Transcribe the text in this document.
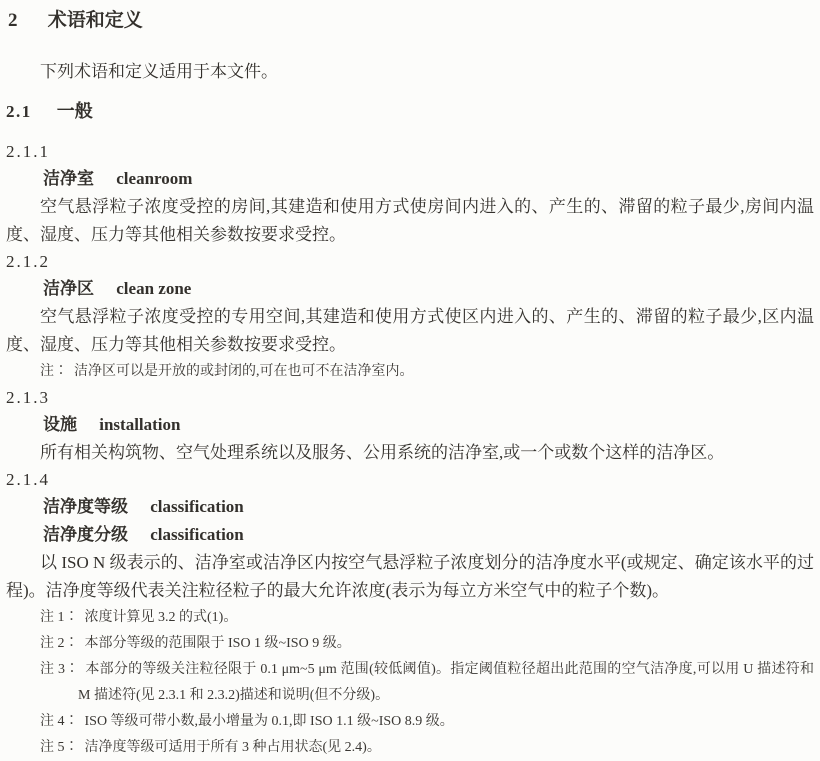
2 术语和定义

下列术语和定义适用于本文件。

2.1 一般

2.1.1

洁净室 cleanroom

空气悬浮粒子浓度受控的房间,其建造和使用方式使房间内进入的、产生的、滞留的粒子最少,房间内温度、湿度、压力等其他相关参数按要求受控。

2.1.2

洁净区 clean zone

空气悬浮粒子浓度受控的专用空间,其建造和使用方式使区内进入的、产生的、滞留的粒子最少,区内温度、湿度、压力等其他相关参数按要求受控。

注∶ 洁净区可以是开放的或封闭的,可在也可不在洁净室内。

2.1.3

设施 installation

所有相关构筑物、空气处理系统以及服务、公用系统的洁净室,或一个或数个这样的洁净区。

2.1.4

洁净度等级 classification

洁净度分级 classification

以 ISO N 级表示的、洁净室或洁净区内按空气悬浮粒子浓度划分的洁净度水平(或规定、确定该水平的过程)。洁净度等级代表关注粒径粒子的最大允许浓度(表示为每立方米空气中的粒子个数)。

注 1∶ 浓度计算见 3.2 的式(1)。

注 2∶ 本部分等级的范围限于 ISO 1 级~ISO 9 级。

注 3∶ 本部分的等级关注粒径限于 0.1 μm~5 μm 范围(较低阈值)。指定阈值粒径超出此范围的空气洁净度,可以用 U 描述符和 M 描述符(见 2.3.1 和 2.3.2)描述和说明(但不分级)。

注 4∶ ISO 等级可带小数,最小增量为 0.1,即 ISO 1.1 级~ISO 8.9 级。

注 5∶ 洁净度等级可适用于所有 3 种占用状态(见 2.4)。
